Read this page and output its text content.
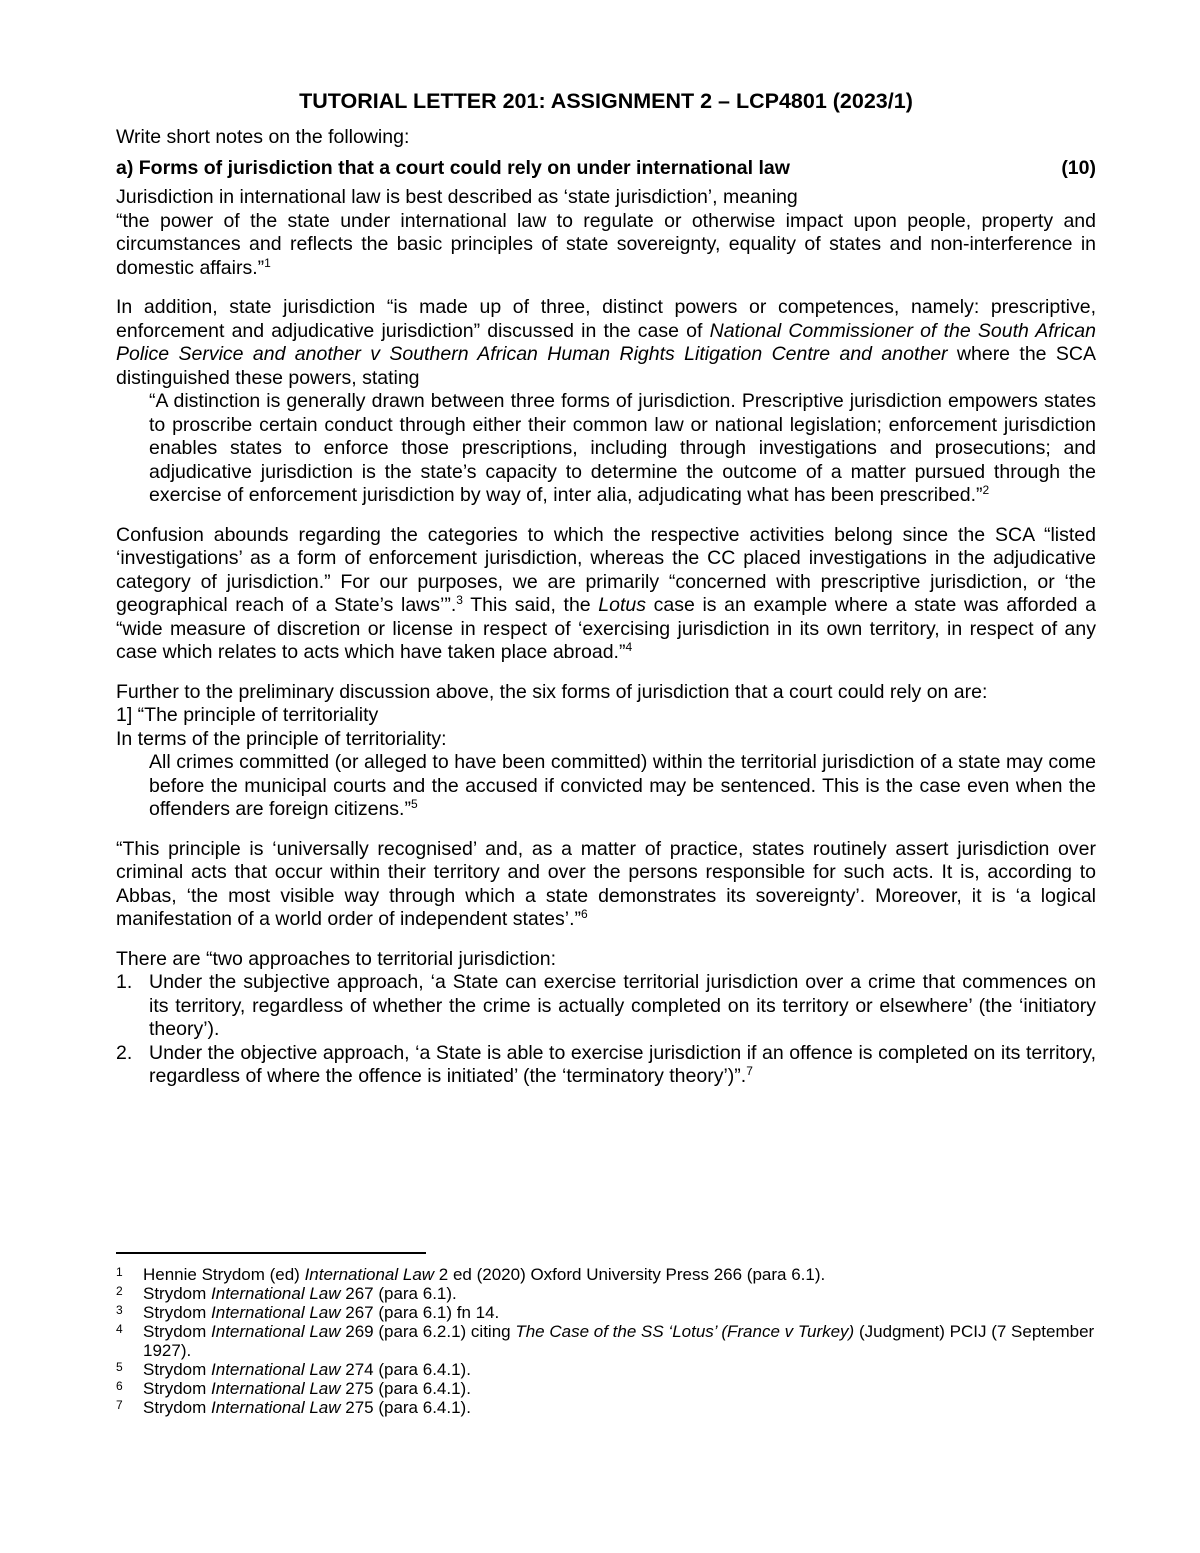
TUTORIAL LETTER 201: ASSIGNMENT 2 – LCP4801 (2023/1)

Write short notes on the following:

a) Forms of jurisdiction that a court could rely on under international law	(10)

Jurisdiction in international law is best described as ‘state jurisdiction’, meaning

“the power of the state under international law to regulate or otherwise impact upon people, property and circumstances and reflects the basic principles of state sovereignty, equality of states and non-interference in domestic affairs.”$^1$

In addition, state jurisdiction “is made up of three, distinct powers or competences, namely: prescriptive, enforcement and adjudicative jurisdiction” discussed in the case of National Commissioner of the South African Police Service and another v Southern African Human Rights Litigation Centre and another where the SCA distinguished these powers, stating

“A distinction is generally drawn between three forms of jurisdiction. Prescriptive jurisdiction empowers states to proscribe certain conduct through either their common law or national legislation; enforcement jurisdiction enables states to enforce those prescriptions, including through investigations and prosecutions; and adjudicative jurisdiction is the state’s capacity to determine the outcome of a matter pursued through the exercise of enforcement jurisdiction by way of, inter alia, adjudicating what has been prescribed.”$^2$

Confusion abounds regarding the categories to which the respective activities belong since the SCA “listed ‘investigations’ as a form of enforcement jurisdiction, whereas the CC placed investigations in the adjudicative category of jurisdiction.” For our purposes, we are primarily “concerned with prescriptive jurisdiction, or ‘the geographical reach of a State’s laws’”.$^3$ This said, the Lotus case is an example where a state was afforded a “wide measure of discretion or license in respect of ‘exercising jurisdiction in its own territory, in respect of any case which relates to acts which have taken place abroad.”$^4$

Further to the preliminary discussion above, the six forms of jurisdiction that a court could rely on are:

1] “The principle of territoriality

In terms of the principle of territoriality:

All crimes committed (or alleged to have been committed) within the territorial jurisdiction of a state may come before the municipal courts and the accused if convicted may be sentenced. This is the case even when the offenders are foreign citizens.”$^5$

“This principle is ‘universally recognised’ and, as a matter of practice, states routinely assert jurisdiction over criminal acts that occur within their territory and over the persons responsible for such acts. It is, according to Abbas, ‘the most visible way through which a state demonstrates its sovereignty’. Moreover, it is ‘a logical manifestation of a world order of independent states’.”$^6$

There are “two approaches to territorial jurisdiction:

1. Under the subjective approach, ‘a State can exercise territorial jurisdiction over a crime that commences on its territory, regardless of whether the crime is actually completed on its territory or elsewhere’ (the ‘initiatory theory’).
2. Under the objective approach, ‘a State is able to exercise jurisdiction if an offence is completed on its territory, regardless of where the offence is initiated’ (the ‘terminatory theory’)”.$^7$
1	Hennie Strydom (ed) International Law 2 ed (2020) Oxford University Press 266 (para 6.1).
2	Strydom International Law 267 (para 6.1).
3	Strydom International Law 267 (para 6.1) fn 14.
4	Strydom International Law 269 (para 6.2.1) citing The Case of the SS ‘Lotus’ (France v Turkey) (Judgment) PCIJ (7 September 1927).
5	Strydom International Law 274 (para 6.4.1).
6	Strydom International Law 275 (para 6.4.1).
7	Strydom International Law 275 (para 6.4.1).
